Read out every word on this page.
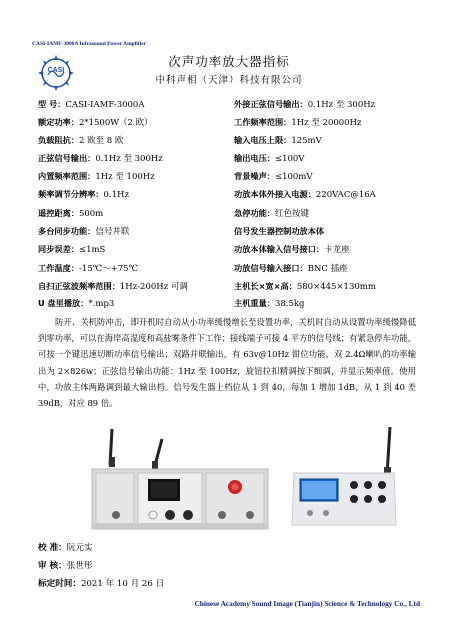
CASI-IAMF-3000A Infrasound Power Amplifier
CASI
次声功率放大器指标
中科声相（天津）科技有限公司
型 号：CASI-IAMF-3000A
额定功率：2*1500W（2 欧）
负载阻抗：2 欧至 8 欧
正弦信号输出：0.1Hz 至 300Hz
内置频率范围：1Hz 至 100Hz
频率调节分辨率：0.1Hz
遥控距离：500m
多台同步功能：信号并联
同步误差：≤1mS
工作温度：-15℃～+75℃
自扫正弦波频率范围：1Hz-200Hz 可调
U 盘里播放：*.mp3
外接正弦信号输出：0.1Hz 至 300Hz
工作频率范围：1Hz 至 20000Hz
输入电压上限：125mV
输出电压：≤100V
背景噪声：≤100mV
功放本体外接入电源：220VAC@16A
急停功能：红色按键
信号发生器控制功放本体
功放本体输入信号接口：卡龙座
功放信号输入接口：BNC 插座
主机长×宽×高：580×445×130mm
主机重量：38.5kg
防开、关机防冲击，即开机时自动从小功率缓慢增长至设置功率，关机时自动从设置功率缓慢降低到零功率，可以在海岸高湿度和高盐雾条件下工作；接线端子可接 4 平方的信号线；有紧急停车功能，可按一个键迅速切断功率信号输出；双路并联输出，有 63v@10Hz 钳位功能，双 2.4Ω喇叭的功率输出为 2×826w；正弦信号输出功能：1Hz 至 100Hz，旋钮拉扣精调按下细调，并显示频率值。使用中，功放主体两路调到最大输出档。信号发生器上档位从 1 到 40，每加 1 增加 1dB，从 1 到 40 差 39dB，对应 89 倍。
校 准：阮元实
审 核：张世彤
标定时间：2021 年 10 月 26 日
Chinese Academy Sound Image (Tianjin) Science & Technology Co., Ltd
